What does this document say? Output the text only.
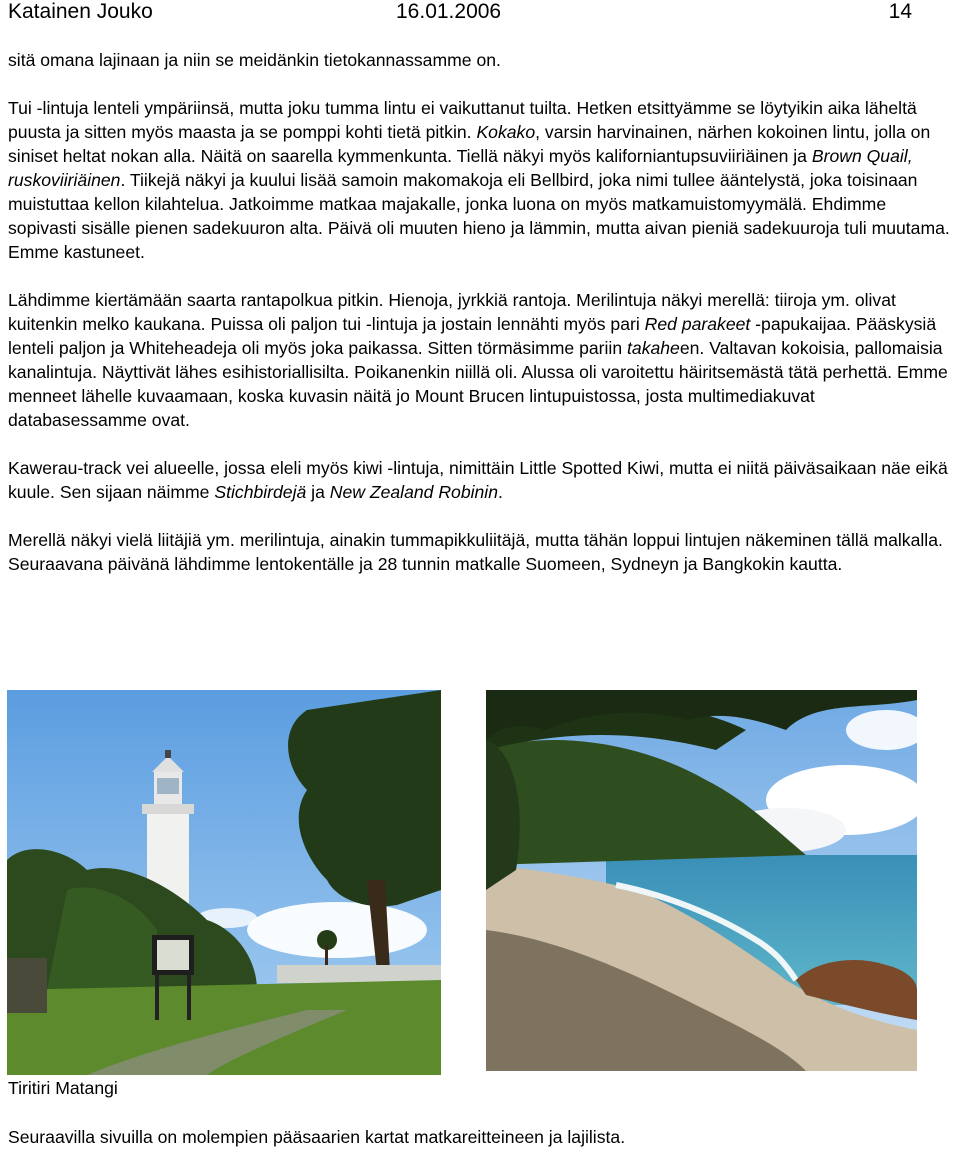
Katainen Jouko	16.01.2006	14

sitä omana lajinaan ja niin se meidänkin tietokannassamme on.

Tui -lintuja lenteli ympäriinsä, mutta joku tumma lintu ei vaikuttanut tuilta. Hetken etsittyämme se löytyikin aika läheltä puusta ja sitten myös maasta ja se pomppi kohti tietä pitkin. Kokako, varsin harvinainen, närhen kokoinen lintu, jolla on siniset heltat nokan alla. Näitä on saarella kymmenkunta. Tiellä näkyi myös kaliforniantupsuviiriäinen ja Brown Quail, ruskoviiriäinen. Tiikejä näkyi ja kuului lisää samoin makomakoja eli Bellbird, joka nimi tullee ääntelystä, joka toisinaan muistuttaa kellon kilahtelua. Jatkoimme matkaa majakalle, jonka luona on myös matkamuistomyymälä. Ehdimme sopivasti sisälle pienen sadekuuron alta. Päivä oli muuten hieno ja lämmin, mutta aivan pieniä sadekuuroja tuli muutama. Emme kastuneet.

Lähdimme kiertämään saarta rantapolkua pitkin. Hienoja, jyrkkiä rantoja. Merilintuja näkyi merellä: tiiroja ym. olivat kuitenkin melko kaukana. Puissa oli paljon tui -lintuja ja jostain lennähti myös pari Red parakeet -papukaijaa. Pääskysiä lenteli paljon ja Whiteheadeja oli myös joka paikassa. Sitten törmäsimme pariin takaheen. Valtavan kokoisia, pallomaisia kanalintuja. Näyttivät lähes esihistoriallisilta. Poikanenkin niillä oli. Alussa oli varoitettu häiritsemästä tätä perhettä. Emme menneet lähelle kuvaamaan, koska kuvasin näitä jo Mount Brucen lintupuistossa, josta multimediakuvat databasessamme ovat.

Kawerau-track vei alueelle, jossa eleli myös kiwi -lintuja, nimittäin Little Spotted Kiwi, mutta ei niitä päiväsaikaan näe eikä kuule. Sen sijaan näimme Stichbirdejä ja New Zealand Robinin.

Merellä näkyi vielä liitäjiä ym. merilintuja, ainakin tummapikkuliitäjä, mutta tähän loppui lintujen näkeminen tällä malkalla. Seuraavana päivänä lähdimme lentokentälle ja 28 tunnin matkalle Suomeen, Sydneyn ja Bangkokin kautta.

Tiritiri Matangi
Seuraavilla sivuilla on molempien pääsaarien kartat matkareitteineen ja lajilista.
